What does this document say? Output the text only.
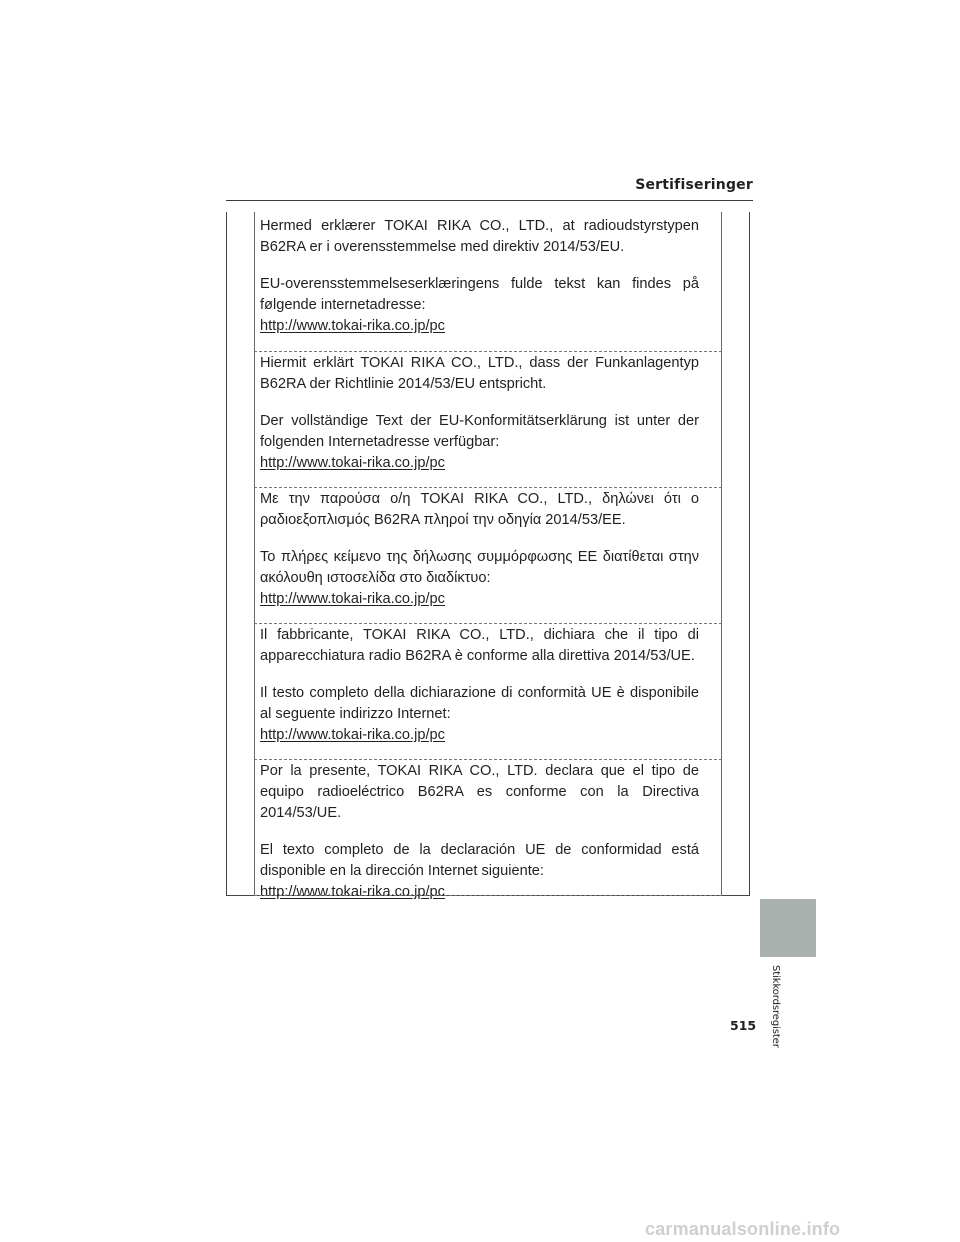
Sertifiseringer

Hermed erklærer TOKAI RIKA CO., LTD., at radioudstyrstypen B62RA er i overensstemmelse med direktiv 2014/53/EU.

EU-overensstemmelseserklæringens fulde tekst kan findes på følgende internetadresse:

http://www.tokai-rika.co.jp/pc

Hiermit erklärt TOKAI RIKA CO., LTD., dass der Funkanlagentyp B62RA der Richtlinie 2014/53/EU entspricht.

Der vollständige Text der EU-Konformitätserklärung ist unter der folgenden Internetadresse verfügbar:

http://www.tokai-rika.co.jp/pc

Με την παρούσα ο/η TOKAI RIKA CO., LTD., δηλώνει ότι ο ραδιοεξοπλισμός B62RA πληροί την οδηγία 2014/53/ΕΕ.

Το πλήρες κείμενο της δήλωσης συμμόρφωσης ΕΕ διατίθεται στην ακόλουθη ιστοσελίδα στο διαδίκτυο:

http://www.tokai-rika.co.jp/pc

Il fabbricante, TOKAI RIKA CO., LTD., dichiara che il tipo di apparecchiatura radio B62RA è conforme alla direttiva 2014/53/UE.

Il testo completo della dichiarazione di conformità UE è disponibile al seguente indirizzo Internet:

http://www.tokai-rika.co.jp/pc

Por la presente, TOKAI RIKA CO., LTD. declara que el tipo de equipo radioeléctrico B62RA es conforme con la Directiva 2014/53/UE.

El texto completo de la declaración UE de conformidad está disponible en la dirección Internet siguiente:

http://www.tokai-rika.co.jp/pc
Stikkordsregister
515
carmanualsonline.info
